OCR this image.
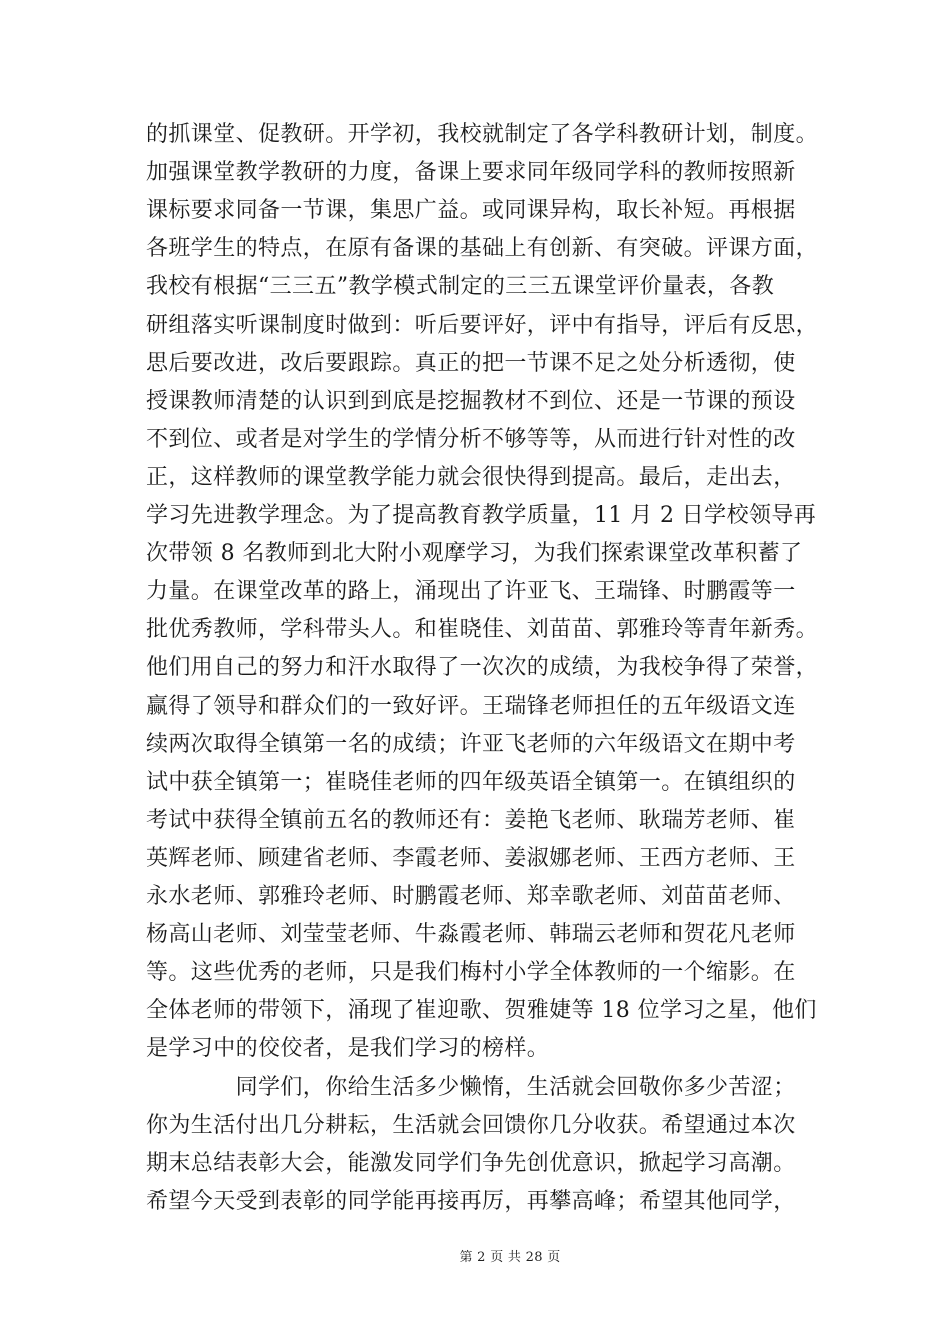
的抓课堂、促教研。开学初，我校就制定了各学科教研计划，制度。
加强课堂教学教研的力度，备课上要求同年级同学科的教师按照新
课标要求同备一节课，集思广益。或同课异构，取长补短。再根据
各班学生的特点，在原有备课的基础上有创新、有突破。评课方面，
我校有根据“三三五”教学模式制定的三三五课堂评价量表，各教
研组落实听课制度时做到：听后要评好，评中有指导，评后有反思，
思后要改进，改后要跟踪。真正的把一节课不足之处分析透彻，使
授课教师清楚的认识到到底是挖掘教材不到位、还是一节课的预设
不到位、或者是对学生的学情分析不够等等，从而进行针对性的改
正，这样教师的课堂教学能力就会很快得到提高。最后，走出去，
学习先进教学理念。为了提高教育教学质量，11 月 2 日学校领导再
次带领 8 名教师到北大附小观摩学习，为我们探索课堂改革积蓄了
力量。在课堂改革的路上，涌现出了许亚飞、王瑞锋、时鹏霞等一
批优秀教师，学科带头人。和崔晓佳、刘苗苗、郭雅玲等青年新秀。
他们用自己的努力和汗水取得了一次次的成绩，为我校争得了荣誉，
赢得了领导和群众们的一致好评。王瑞锋老师担任的五年级语文连
续两次取得全镇第一名的成绩；许亚飞老师的六年级语文在期中考
试中获全镇第一；崔晓佳老师的四年级英语全镇第一。在镇组织的
考试中获得全镇前五名的教师还有：姜艳飞老师、耿瑞芳老师、崔
英辉老师、顾建省老师、李霞老师、姜淑娜老师、王西方老师、王
永水老师、郭雅玲老师、时鹏霞老师、郑幸歌老师、刘苗苗老师、
杨高山老师、刘莹莹老师、牛淼霞老师、韩瑞云老师和贺花凡老师
等。这些优秀的老师，只是我们梅村小学全体教师的一个缩影。在
全体老师的带领下，涌现了崔迎歌、贺雅婕等 18 位学习之星，他们
是学习中的佼佼者，是我们学习的榜样。
　　　　同学们，你给生活多少懒惰，生活就会回敬你多少苦涩；
你为生活付出几分耕耘，生活就会回馈你几分收获。希望通过本次
期末总结表彰大会，能激发同学们争先创优意识，掀起学习高潮。
希望今天受到表彰的同学能再接再厉，再攀高峰；希望其他同学，
第 2 页 共 28 页
